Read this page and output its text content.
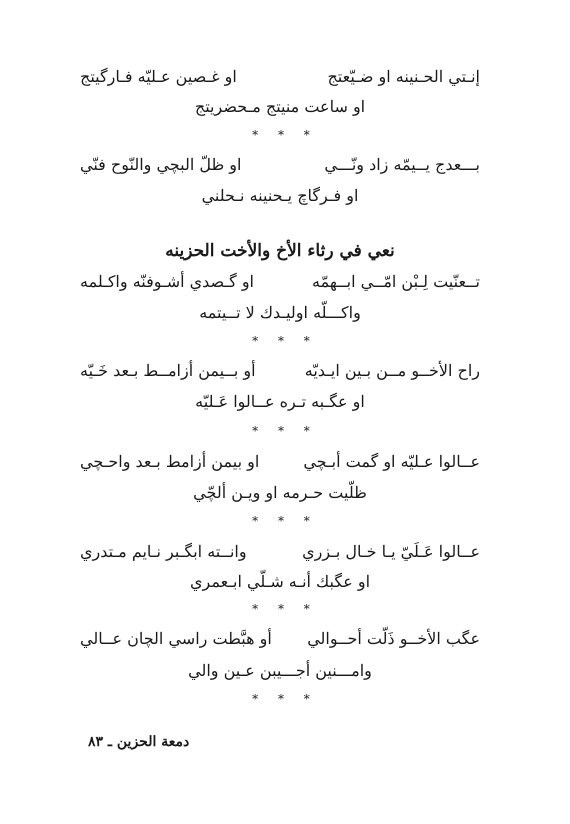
إنـتي الحـنينه او ضـيّعتج
او غـصين عـليّه فـارگيتج
او ساعت منيتج مـحضريتج
* * *
بـــعدج يــيمّه زاد ونّـــي
او ظلّ البچي والنّوح فنّي
او فـرگاچ يـحنينه نـحلني
نعي في رثاء الأخ والأخت الحزينه
تــعنّيت لِـبْن امّــي ابــهمّه
او گـصدي أشـوفنّه واكـلمه
واكـــلّه اوليـدك لا تــيتمه
* * *
راح الأخــو مــن بـين ايـديّه
أو بــيمن أزامــط بـعد خَـيّه
او عگـبه تـره عــالوا عَـليّه
* * *
عــالوا عـليّه او گمت أبـچي
او بيمن أزامط بـعد واحـچي
ظلّيت حـرمه او ويـن ألچّي
* * *
عــالوا عَـلَيّ يـا خـال بـزري
وانــته ابگـبر نـايم مـتدري
او عگبك أنـه شـلّي ابـعمري
* * *
عگب الأخــو ذَلّت أحــوالي
أو هبَّطت راسي الچان عــالي
وامـــنين أجـــيبن عـين والي
* * *
دمعة الحزين ـ ٨٣
